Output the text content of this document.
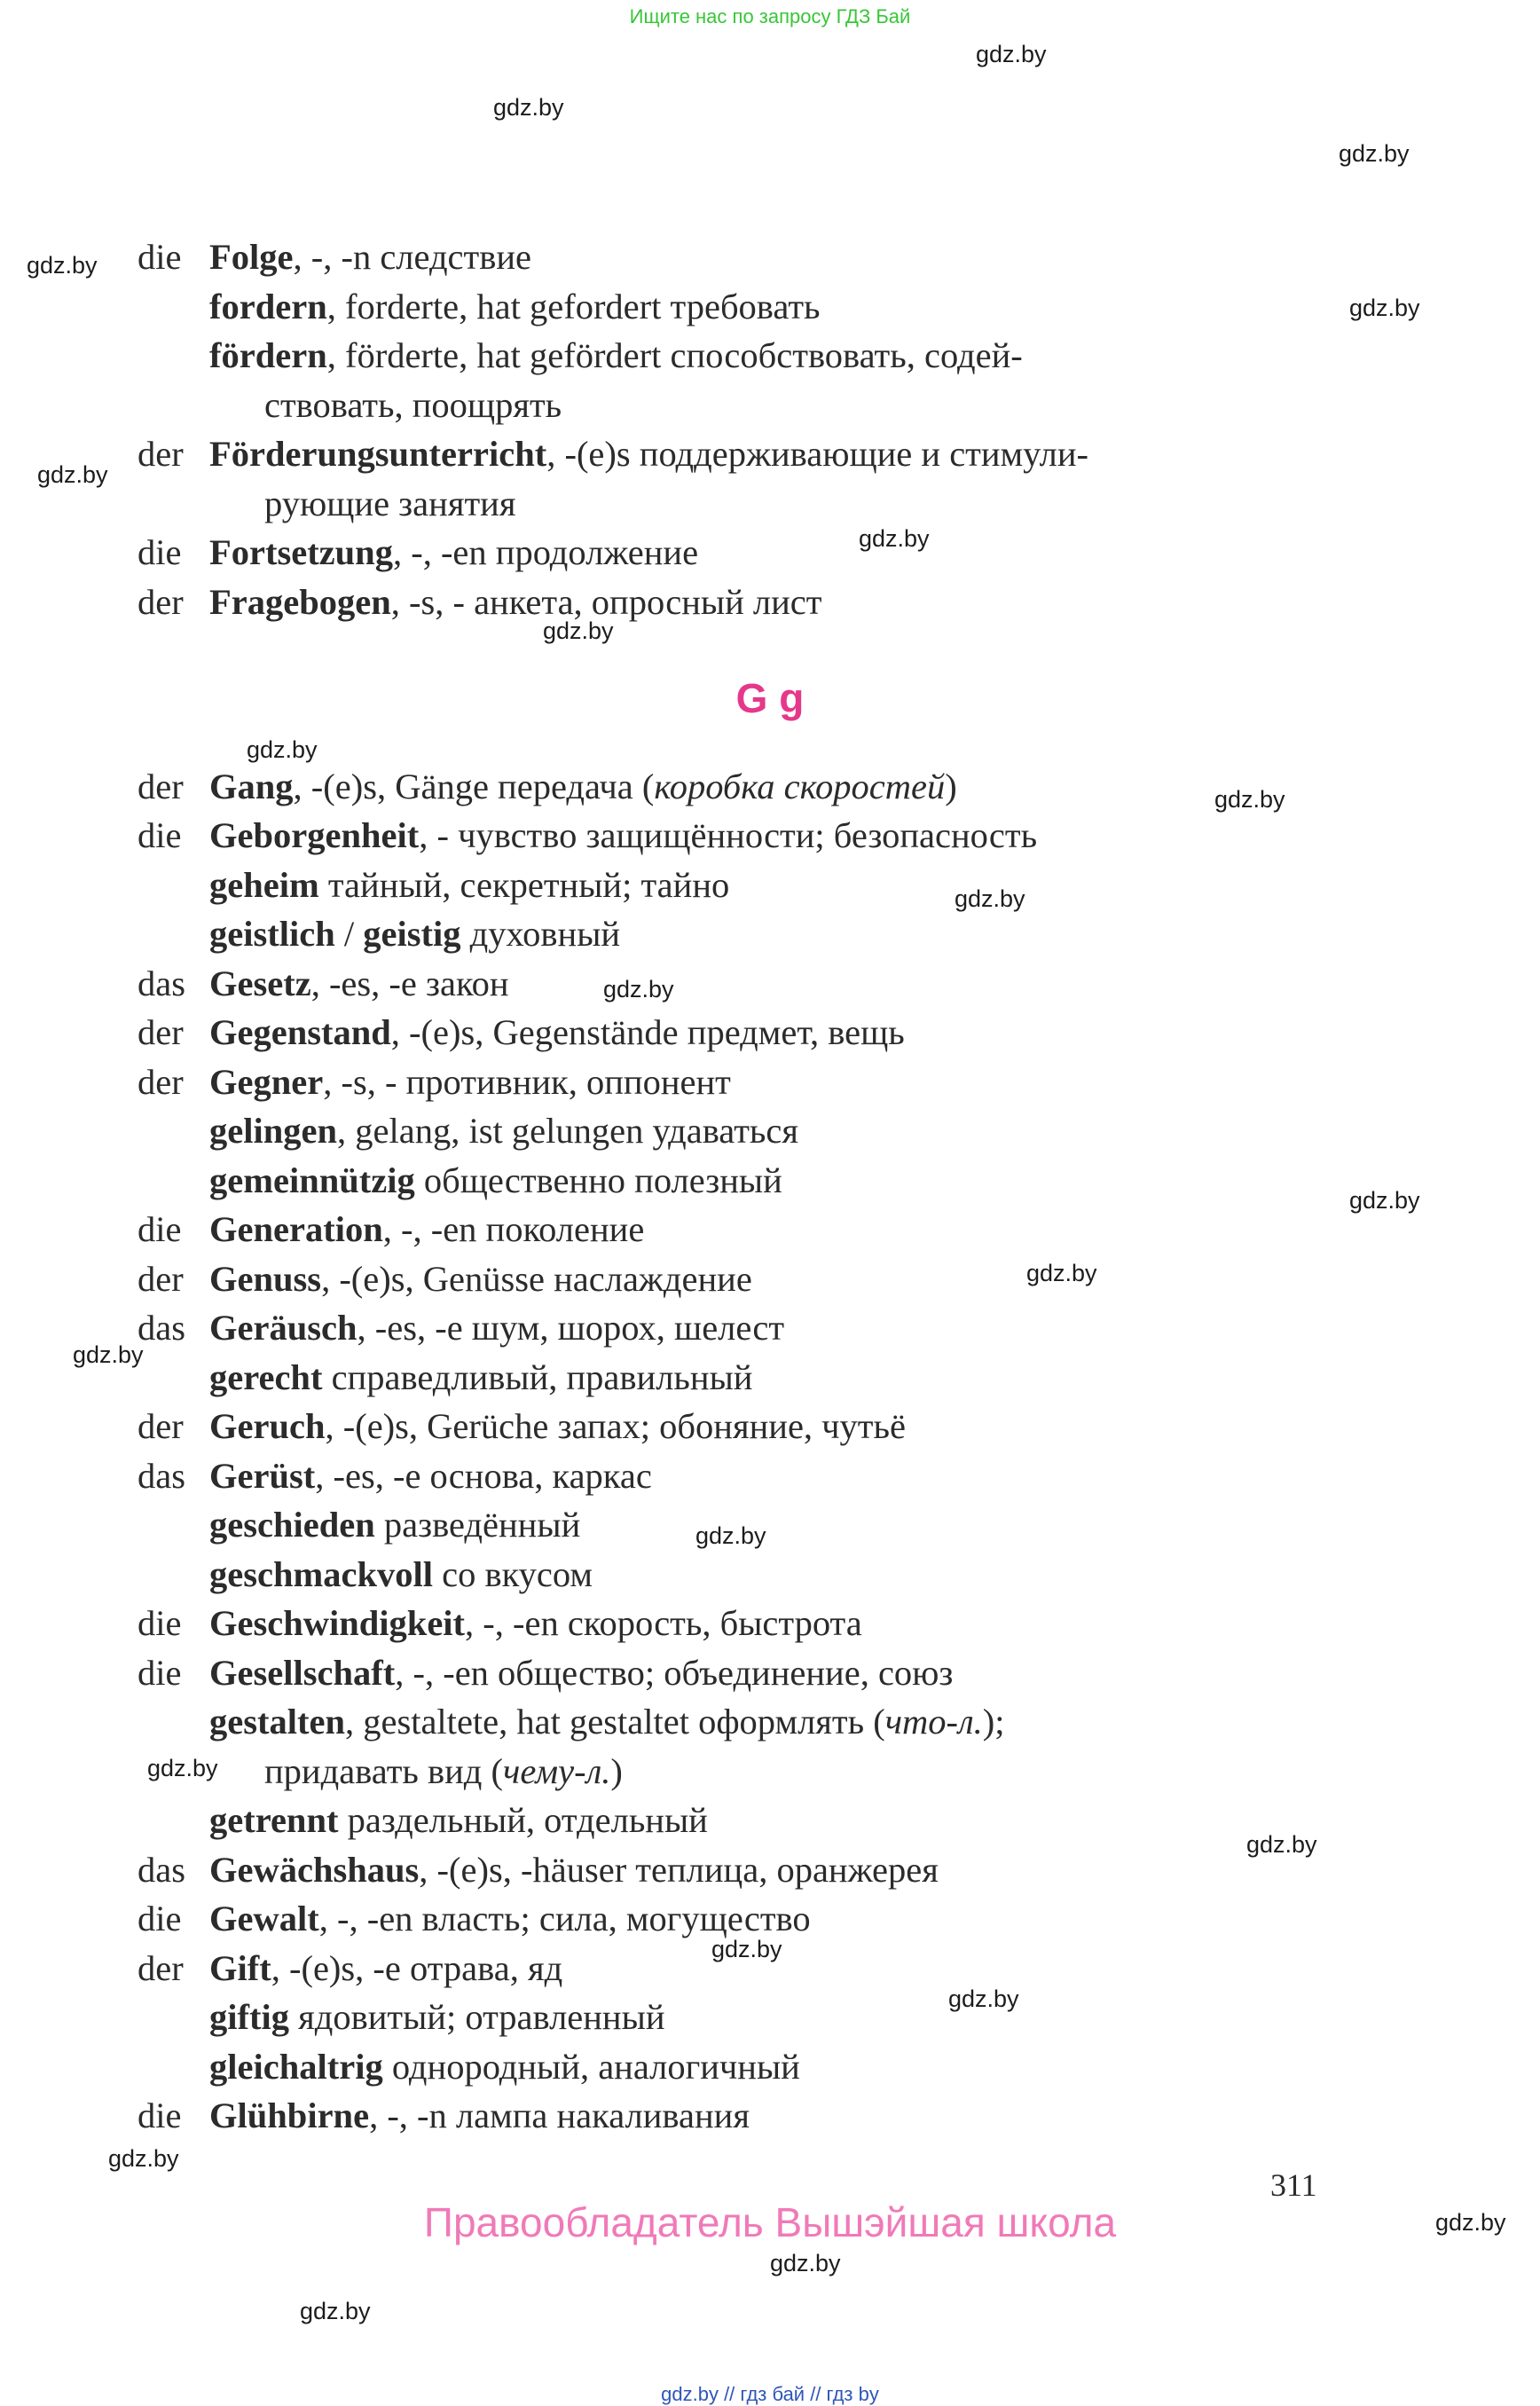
Ищите нас по запросу ГДЗ Бай
gdz.by
gdz.by
gdz.by
gdz.by
gdz.by
gdz.by
gdz.by
gdz.by
gdz.by
gdz.by
gdz.by
gdz.by
gdz.by
gdz.by
gdz.by
gdz.by
gdz.by
gdz.by
gdz.by
gdz.by
gdz.by
gdz.by
gdz.by
gdz.by
die Folge, -, -n следствие
fordern, forderte, hat gefordert требовать
fördern, förderte, hat gefördert способствовать, содей-
ствовать, поощрять
der Förderungsunterricht, -(e)s поддерживающие и стимули-
рующие занятия
die Fortsetzung, -, -en продолжение
der Fragebogen, -s, - анкета, опросный лист
G g
der Gang, -(e)s, Gänge передача (коробка скоростей)
die Geborgenheit, - чувство защищённости; безопасность
geheim тайный, секретный; тайно
geistlich / geistig духовный
das Gesetz, -es, -e закон
der Gegenstand, -(e)s, Gegenstände предмет, вещь
der Gegner, -s, - противник, оппонент
gelingen, gelang, ist gelungen удаваться
gemeinnützig общественно полезный
die Generation, -, -en поколение
der Genuss, -(e)s, Genüsse наслаждение
das Geräusch, -es, -e шум, шорох, шелест
gerecht справедливый, правильный
der Geruch, -(e)s, Gerüche запах; обоняние, чутьё
das Gerüst, -es, -e основа, каркас
geschieden разведённый
geschmackvoll со вкусом
die Geschwindigkeit, -, -en скорость, быстрота
die Gesellschaft, -, -en общество; объединение, союз
gestalten, gestaltete, hat gestaltet оформлять (что-л.);
придавать вид (чему-л.)
getrennt раздельный, отдельный
das Gewächshaus, -(e)s, -häuser теплица, оранжерея
die Gewalt, -, -en власть; сила, могущество
der Gift, -(e)s, -e отрава, яд
giftig ядовитый; отравленный
gleichaltrig однородный, аналогичный
die Glühbirne, -, -n лампа накаливания
311
Правообладатель Вышэйшая школа
gdz.by // гдз бай // гдз by
